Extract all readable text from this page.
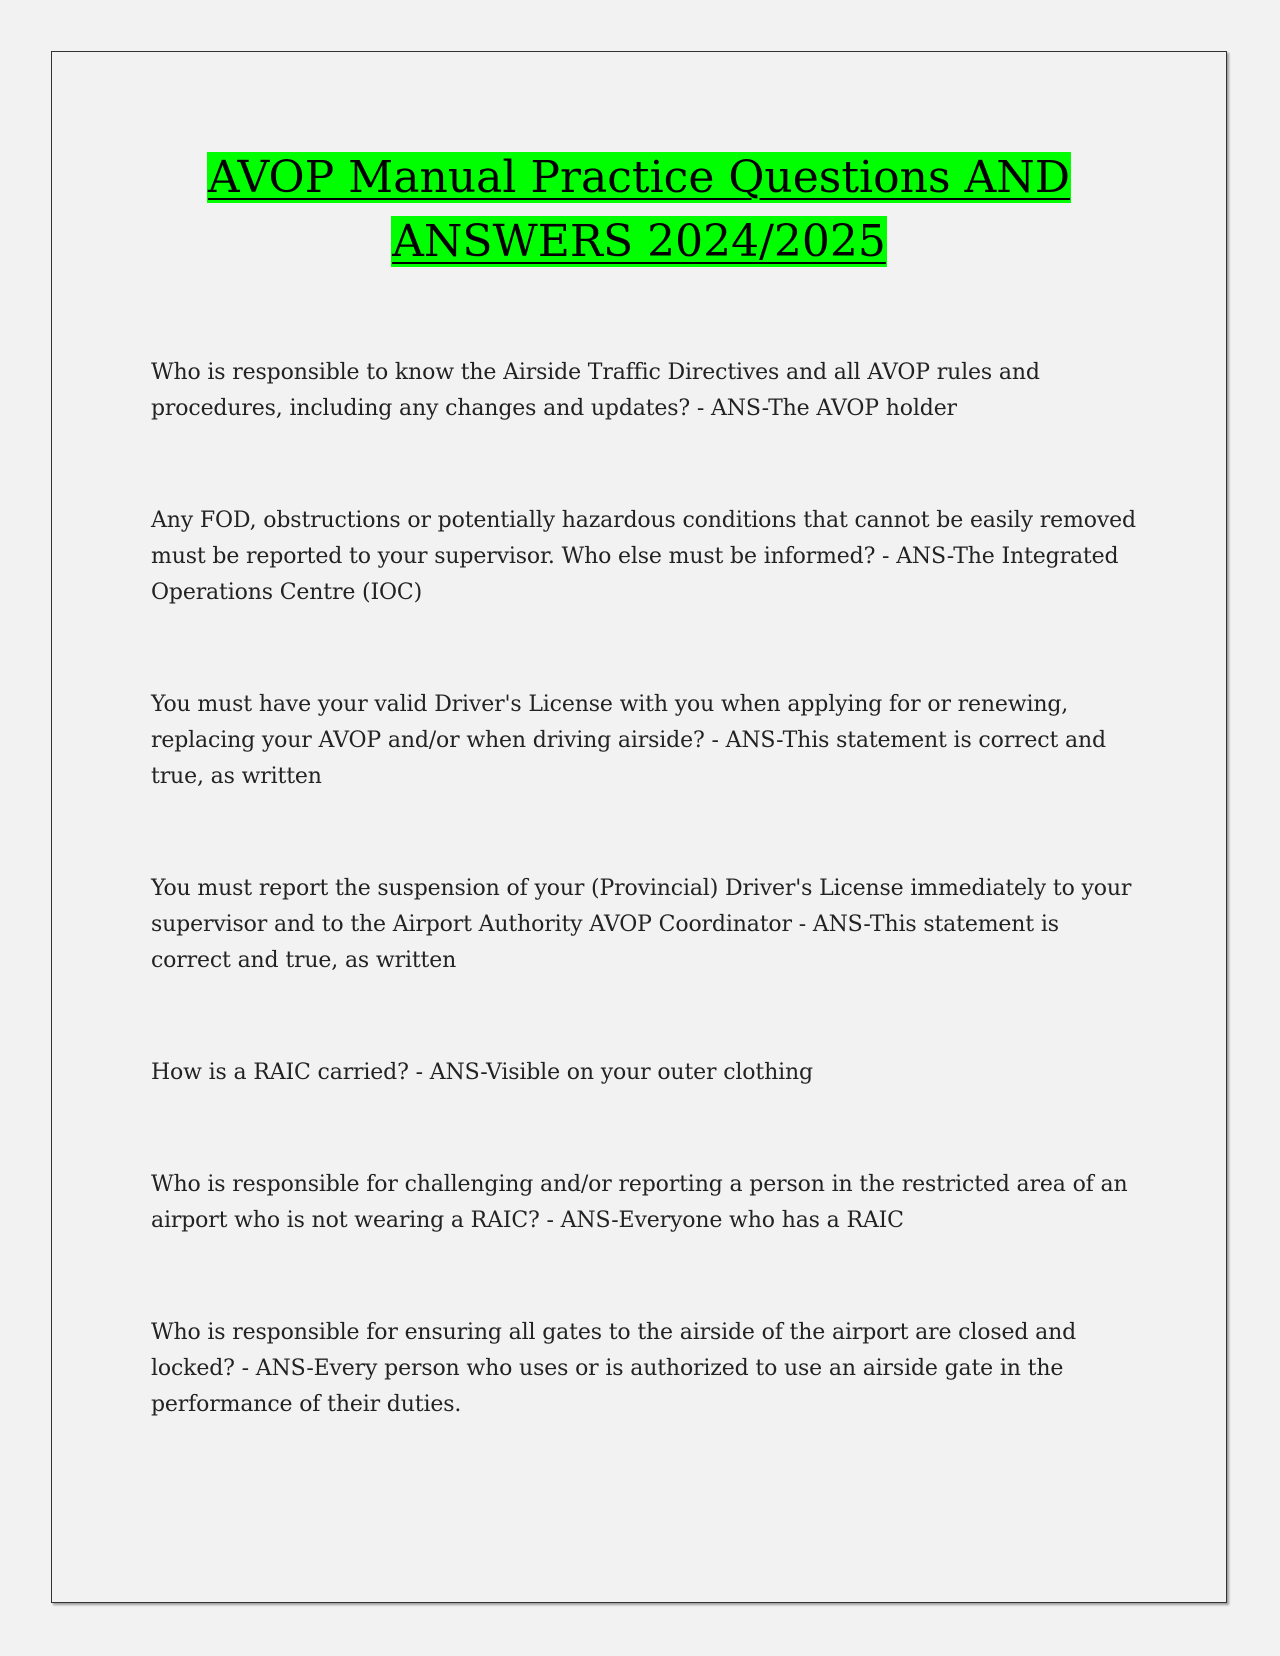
AVOP Manual Practice Questions AND
ANSWERS 2024/2025

Who is responsible to know the Airside Traffic Directives and all AVOP rules and procedures, including any changes and updates? - ANS-The AVOP holder

Any FOD, obstructions or potentially hazardous conditions that cannot be easily removed must be reported to your supervisor. Who else must be informed? - ANS-The Integrated Operations Centre (IOC)

You must have your valid Driver's License with you when applying for or renewing, replacing your AVOP and/or when driving airside? - ANS-This statement is correct and true, as written

You must report the suspension of your (Provincial) Driver's License immediately to your supervisor and to the Airport Authority AVOP Coordinator - ANS-This statement is correct and true, as written

How is a RAIC carried? - ANS-Visible on your outer clothing

Who is responsible for challenging and/or reporting a person in the restricted area of an airport who is not wearing a RAIC? - ANS-Everyone who has a RAIC

Who is responsible for ensuring all gates to the airside of the airport are closed and locked? - ANS-Every person who uses or is authorized to use an airside gate in the performance of their duties.
